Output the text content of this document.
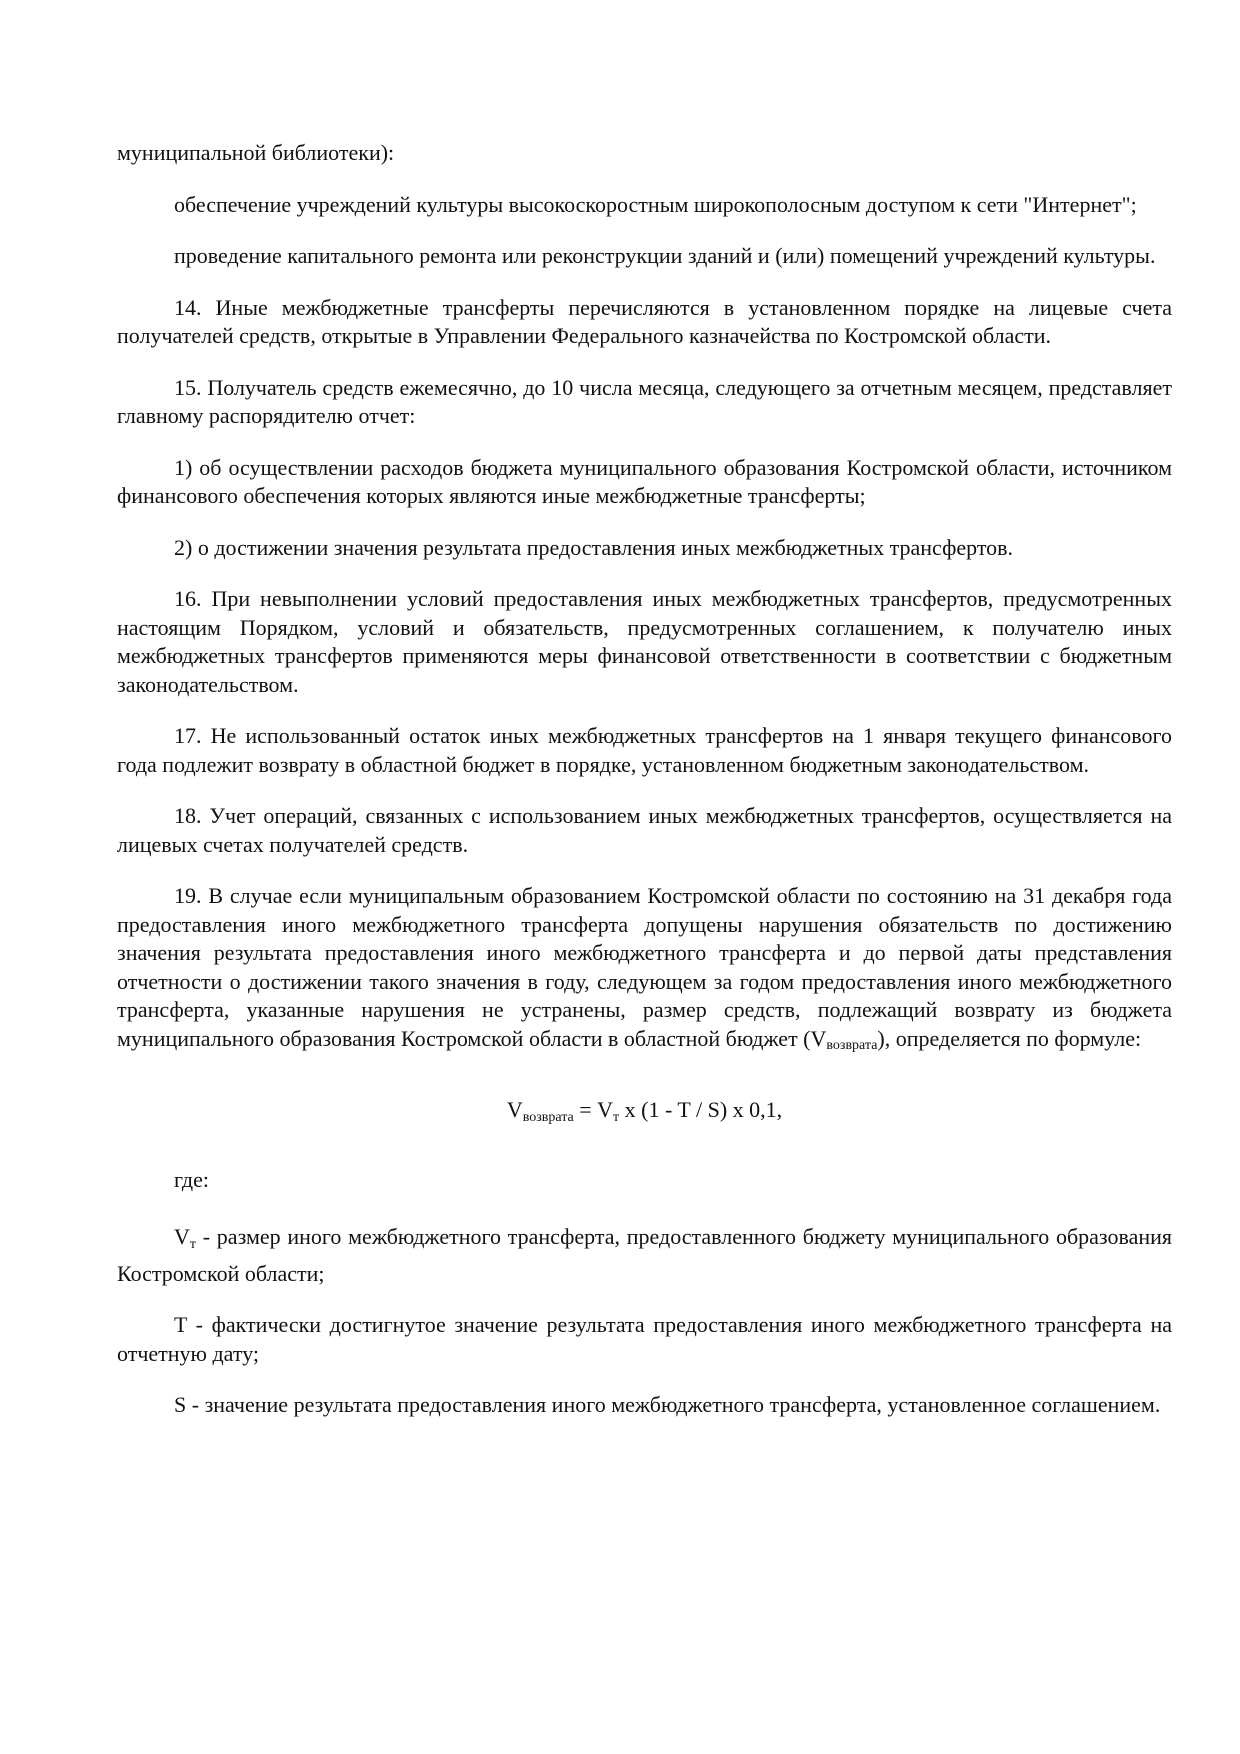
муниципальной библиотеки):

обеспечение учреждений культуры высокоскоростным широкополосным доступом к сети "Интернет";

проведение капитального ремонта или реконструкции зданий и (или) помещений учреждений культуры.

14. Иные межбюджетные трансферты перечисляются в установленном порядке на лицевые счета получателей средств, открытые в Управлении Федерального казначейства по Костромской области.

15. Получатель средств ежемесячно, до 10 числа месяца, следующего за отчетным месяцем, представляет главному распорядителю отчет:

1) об осуществлении расходов бюджета муниципального образования Костромской области, источником финансового обеспечения которых являются иные межбюджетные трансферты;

2) о достижении значения результата предоставления иных межбюджетных трансфертов.

16. При невыполнении условий предоставления иных межбюджетных трансфертов, предусмотренных настоящим Порядком, условий и обязательств, предусмотренных соглашением, к получателю иных межбюджетных трансфертов применяются меры финансовой ответственности в соответствии с бюджетным законодательством.

17. Не использованный остаток иных межбюджетных трансфертов на 1 января текущего финансового года подлежит возврату в областной бюджет в порядке, установленном бюджетным законодательством.

18. Учет операций, связанных с использованием иных межбюджетных трансфертов, осуществляется на лицевых счетах получателей средств.

19. В случае если муниципальным образованием Костромской области по состоянию на 31 декабря года предоставления иного межбюджетного трансферта допущены нарушения обязательств по достижению значения результата предоставления иного межбюджетного трансферта и до первой даты представления отчетности о достижении такого значения в году, следующем за годом предоставления иного межбюджетного трансферта, указанные нарушения не устранены, размер средств, подлежащий возврату из бюджета муниципального образования Костромской области в областной бюджет (Vвозврата), определяется по формуле:

$V_{возврата} = V_т$ x (1 - T / S) x 0,1,

где:

$V_т$ - размер иного межбюджетного трансферта, предоставленного бюджету муниципального образования Костромской области;

T - фактически достигнутое значение результата предоставления иного межбюджетного трансферта на отчетную дату;

S - значение результата предоставления иного межбюджетного трансферта, установленное соглашением.
